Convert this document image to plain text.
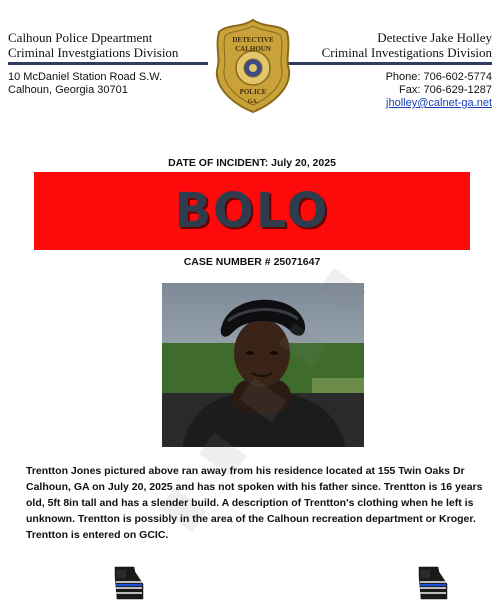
Calhoun Police Dpeartment
Criminal Investgiations Division
10 McDaniel Station Road S.W.
Calhoun, Georgia 30701
Detective Jake Holley
Criminal Investigations Division
Phone: 706-602-5774
Fax: 706-629-1287
jholley@calnet-ga.net
DETECTIVE
CALHOUN
POLICE
GA.
DATE OF INCIDENT: July 20, 2025
BOLO
CASE NUMBER # 25071647
Trentton Jones pictured above ran away from his residence located at 155 Twin Oaks Dr Calhoun, GA on July 20, 2025 and has not spoken with his father since. Trentton is 16 years old, 5ft 8in tall and has a slender build. A description of Trentton's clothing when he left is unknown. Trentton is possibly in the area of the Calhoun recreation department or Kroger. Trentton is entered on GCIC.
